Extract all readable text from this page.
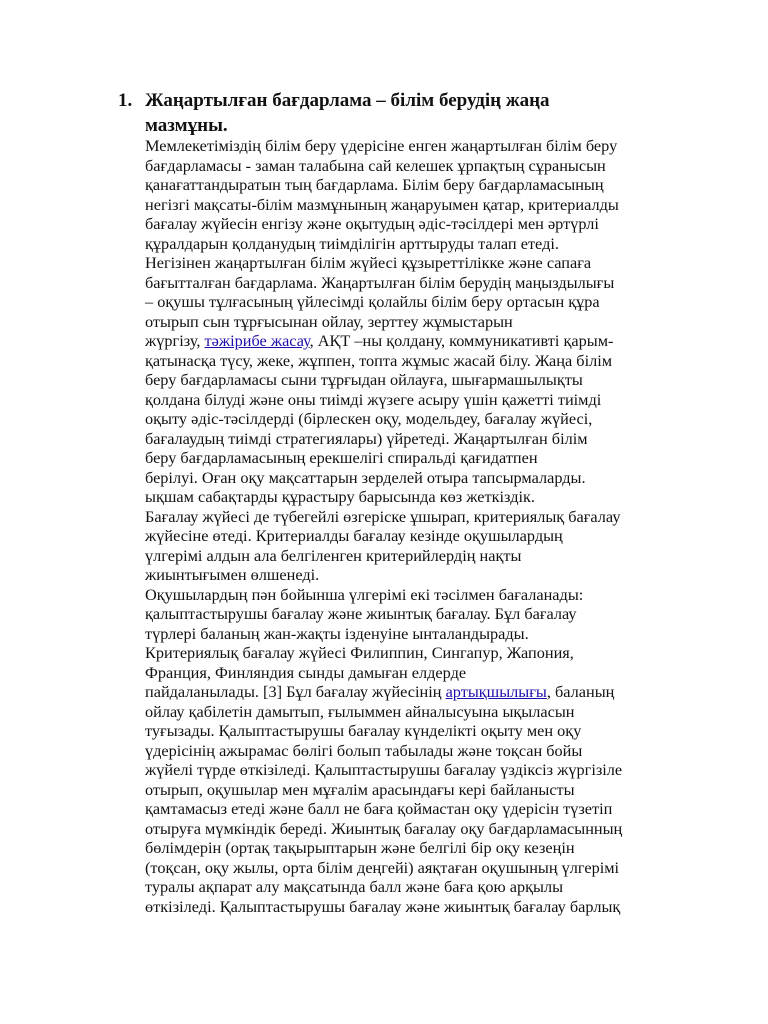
1. Жаңартылған бағдарлама – білім берудің жаңа
мазмұны.
Мемлекетіміздің білім беру үдерісіне енген жаңартылған білім беру
бағдарламасы - заман талабына сай келешек ұрпақтың сұранысын
қанағаттандыратын тың бағдарлама. Білім беру бағдарламасының
негізгі мақсаты-білім мазмұнының жаңаруымен қатар, критериалды
бағалау жүйесін енгізу және оқытудың әдіс-тәсілдері мен әртүрлі
құралдарын қолданудың тиімділігін арттыруды талап етеді.
Негізінен жаңартылған білім жүйесі құзыреттілікке және сапаға
бағытталған бағдарлама. Жаңартылған білім берудің маңыздылығы
– оқушы тұлғасының үйлесімді қолайлы білім беру ортасын құра
отырып сын тұрғысынан ойлау, зерттеу жұмыстарын
жүргізу, тәжірибе жасау, АҚТ –ны қолдану, коммуникативті қарым-
қатынасқа түсу, жеке, жұппен, топта жұмыс жасай білу. Жаңа білім
беру бағдарламасы сыни тұрғыдан ойлауға, шығармашылықты
қолдана білуді және оны тиімді жүзеге асыру үшін қажетті тиімді
оқыту әдіс-тәсілдерді (бірлескен оқу, модельдеу, бағалау жүйесі,
бағалаудың тиімді стратегиялары) үйретеді. Жаңартылған білім
беру бағдарламасының ерекшелігі спиральді қағидатпен
берілуі. Оған оқу мақсаттарын зерделей отыра тапсырмаларды.
ықшам сабақтарды құрастыру барысында көз жеткіздік.
Бағалау жүйесі де түбегейлі өзгеріске ұшырап, критериялық бағалау
жүйесіне өтеді. Критериалды бағалау кезінде оқушылардың
үлгерімі алдын ала белгіленген критерийлердің нақты
жиынтығымен өлшенеді.
Оқушылардың пән бойынша үлгерімі екі тәсілмен бағаланады:
қалыптастырушы бағалау және жиынтық бағалау. Бұл бағалау
түрлері баланың жан-жақты ізденуіне ынталандырады.
Критериялық бағалау жүйесі Филиппин, Сингапур, Жапония,
Франция, Финляндия сынды дамыған елдерде
пайдаланылады. [3] Бұл бағалау жүйесінің артықшылығы, баланың
ойлау қабілетін дамытып, ғылыммен айналысуына ықыласын
туғызады. Қалыптастырушы бағалау күнделікті оқыту мен оқу
үдерісінің ажырамас бөлігі болып табылады және тоқсан бойы
жүйелі түрде өткізіледі. Қалыптастырушы бағалау үздіксіз жүргізіле
отырып, оқушылар мен мұғалім арасындағы кері байланысты
қамтамасыз етеді және балл не баға қоймастан оқу үдерісін түзетіп
отыруға мүмкіндік береді. Жиынтық бағалау оқу бағдарламасынның
бөлімдерін (ортақ тақырыптарын және белгілі бір оқу кезеңін
(тоқсан, оқу жылы, орта білім деңгейі) аяқтаған оқушының үлгерімі
туралы ақпарат алу мақсатында балл және баға қою арқылы
өткізіледі. Қалыптастырушы бағалау және жиынтық бағалау барлық
